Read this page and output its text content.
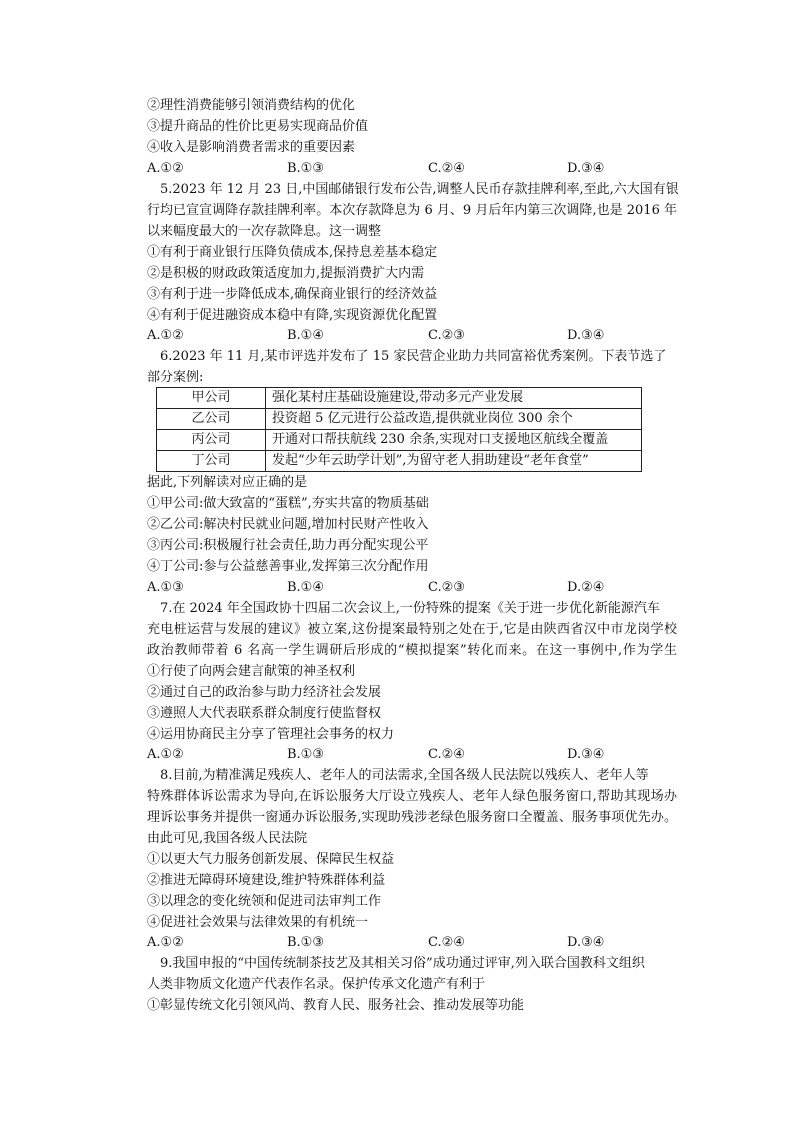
②理性消费能够引领消费结构的优化
③提升商品的性价比更易实现商品价值
④收入是影响消费者需求的重要因素
A.①②	B.①③	C.②④	D.③④
5.2023 年 12 月 23 日,中国邮储银行发布公告,调整人民币存款挂牌利率,至此,六大国有银
行均已宣宣调降存款挂牌利率。本次存款降息为 6 月、9 月后年内第三次调降,也是 2016 年
以来幅度最大的一次存款降息。这一调整
①有利于商业银行压降负债成本,保持息差基本稳定
②是积极的财政政策适度加力,提振消费扩大内需
③有利于进一步降低成本,确保商业银行的经济效益
④有利于促进融资成本稳中有降,实现资源优化配置
A.①②	B.①④	C.②③	D.③④
6.2023 年 11 月,某市评选并发布了 15 家民营企业助力共同富裕优秀案例。下表节选了
部分案例:
甲公司	强化某村庄基础设施建设,带动多元产业发展
乙公司	投资超 5 亿元进行公益改造,提供就业岗位 300 余个
丙公司	开通对口帮扶航线 230 余条,实现对口支援地区航线全覆盖
丁公司	发起“少年云助学计划”,为留守老人捐助建设“老年食堂”
据此,下列解读对应正确的是
①甲公司:做大致富的“蛋糕”,夯实共富的物质基础
②乙公司:解决村民就业问题,增加村民财产性收入
③丙公司:积极履行社会责任,助力再分配实现公平
④丁公司:参与公益慈善事业,发挥第三次分配作用
A.①③	B.①④	C.②③	D.②④
7.在 2024 年全国政协十四届二次会议上,一份特殊的提案《关于进一步优化新能源汽车
充电桩运营与发展的建议》被立案,这份提案最特别之处在于,它是由陕西省汉中市龙岗学校
政治教师带着 6 名高一学生调研后形成的“模拟提案”转化而来。在这一事例中,作为学生
①行使了向两会建言献策的神圣权利
②通过自己的政治参与助力经济社会发展
③遵照人大代表联系群众制度行使监督权
④运用协商民主分享了管理社会事务的权力
A.①②	B.①③	C.②④	D.③④
8.目前,为精准满足残疾人、老年人的司法需求,全国各级人民法院以残疾人、老年人等
特殊群体诉讼需求为导向,在诉讼服务大厅设立残疾人、老年人绿色服务窗口,帮助其现场办
理诉讼事务并提供一窗通办诉讼服务,实现助残涉老绿色服务窗口全覆盖、服务事项优先办。
由此可见,我国各级人民法院
①以更大气力服务创新发展、保障民生权益
②推进无障碍环境建设,维护特殊群体利益
③以理念的变化统领和促进司法审判工作
④促进社会效果与法律效果的有机统一
A.①②	B.①③	C.②④	D.③④
9.我国申报的“中国传统制茶技艺及其相关习俗”成功通过评审,列入联合国教科文组织
人类非物质文化遗产代表作名录。保护传承文化遗产有利于
①彰显传统文化引领风尚、教育人民、服务社会、推动发展等功能
